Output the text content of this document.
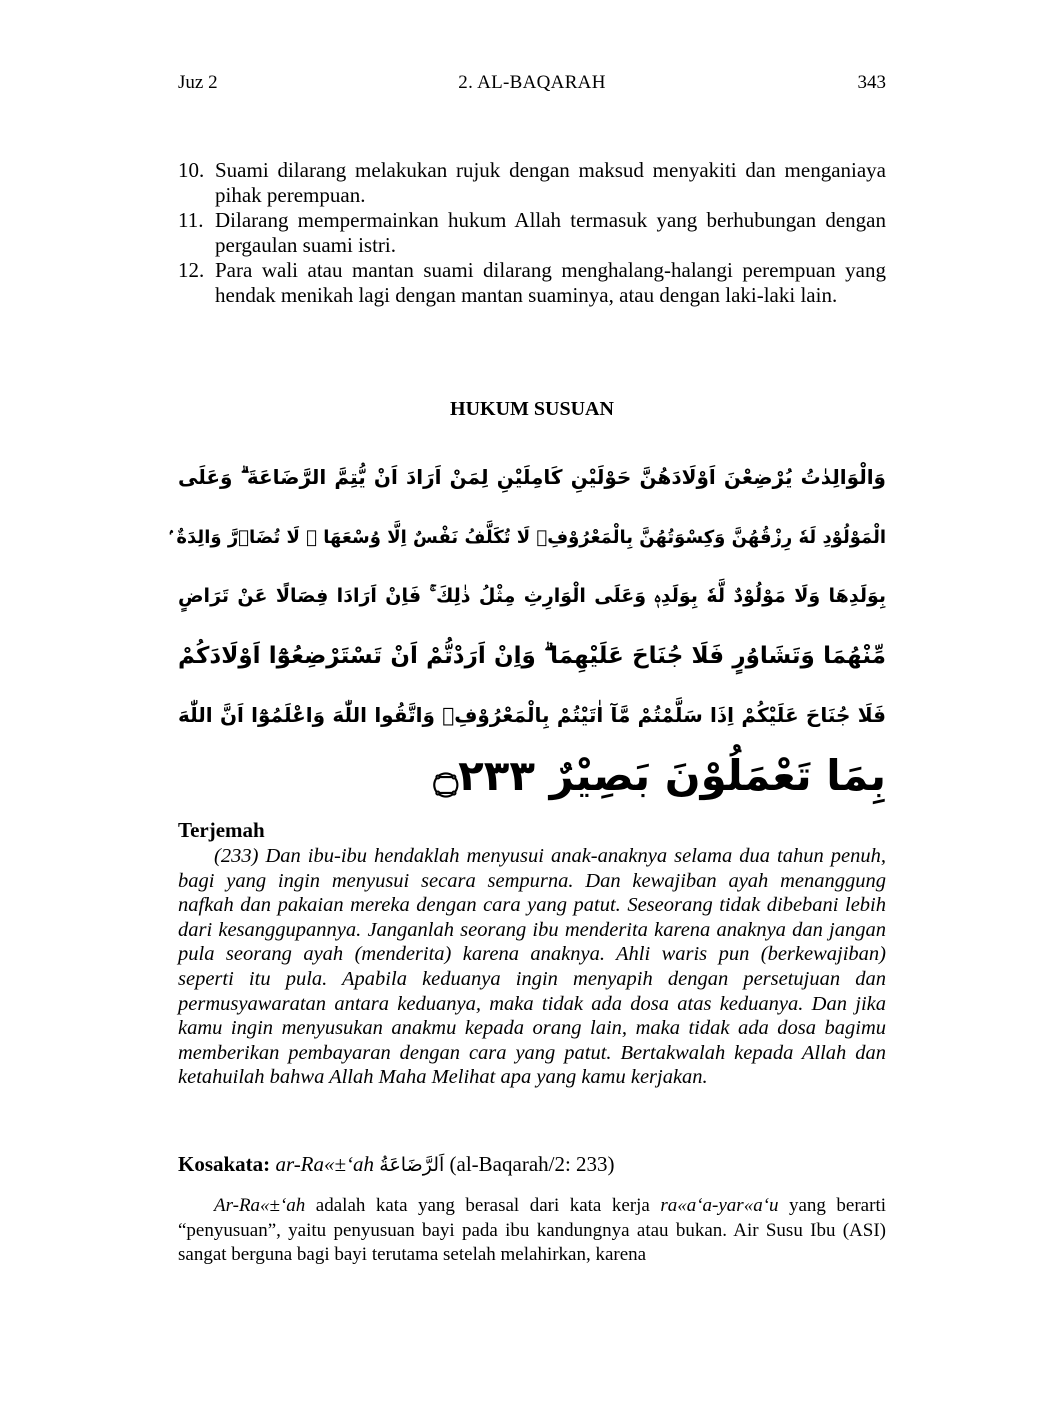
Juz 2	2. AL-BAQARAH	343
10. Suami dilarang melakukan rujuk dengan maksud menyakiti dan menganiaya pihak perempuan.
11. Dilarang mempermainkan hukum Allah termasuk yang berhubungan dengan pergaulan suami istri.
12. Para wali atau mantan suami dilarang menghalang-halangi perempuan yang hendak menikah lagi dengan mantan suaminya, atau dengan laki-laki lain.
HUKUM SUSUAN
وَالْوَالِدٰتُ يُرْضِعْنَ اَوْلَادَهُنَّ حَوْلَيْنِ كَامِلَيْنِ لِمَنْ اَرَادَ اَنْ يُّتِمَّ الرَّضَاعَةَ ۗ وَعَلَى
الْمَوْلُوْدِ لَهٗ رِزْقُهُنَّ وَكِسْوَتُهُنَّ بِالْمَعْرُوْفِۗ لَا تُكَلَّفُ نَفْسٌ اِلَّا وُسْعَهَا ۚ لَا تُضَاۤرَّ وَالِدَةٌ ۢ
بِوَلَدِهَا وَلَا مَوْلُوْدٌ لَّهٗ بِوَلَدِهٖ وَعَلَى الْوَارِثِ مِثْلُ ذٰلِكَ ۚ فَاِنْ اَرَادَا فِصَالًا عَنْ تَرَاضٍ
مِّنْهُمَا وَتَشَاوُرٍ فَلَا جُنَاحَ عَلَيْهِمَا ۗ وَاِنْ اَرَدْتُّمْ اَنْ تَسْتَرْضِعُوْٓا اَوْلَادَكُمْ
فَلَا جُنَاحَ عَلَيْكُمْ اِذَا سَلَّمْتُمْ مَّآ اٰتَيْتُمْ بِالْمَعْرُوْفِۗ وَاتَّقُوا اللّٰهَ وَاعْلَمُوْٓا اَنَّ اللّٰهَ
بِمَا تَعْمَلُوْنَ بَصِيْرٌ ۝٢٣٣
Terjemah
(233) Dan ibu-ibu hendaklah menyusui anak-anaknya selama dua tahun penuh, bagi yang ingin menyusui secara sempurna. Dan kewajiban ayah menanggung nafkah dan pakaian mereka dengan cara yang patut. Seseorang tidak dibebani lebih dari kesanggupannya. Janganlah seorang ibu menderita karena anaknya dan jangan pula seorang ayah (menderita) karena anaknya. Ahli waris pun (berkewajiban) seperti itu pula. Apabila keduanya ingin menyapih dengan persetujuan dan permusyawaratan antara keduanya, maka tidak ada dosa atas keduanya. Dan jika kamu ingin menyusukan anakmu kepada orang lain, maka tidak ada dosa bagimu memberikan pembayaran dengan cara yang patut. Bertakwalah kepada Allah dan ketahuilah bahwa Allah Maha Melihat apa yang kamu kerjakan.
Kosakata: ar-Ra«±‘ah اَلرَّضَاعَةُ (al-Baqarah/2: 233)
Ar-Ra«±‘ah adalah kata yang berasal dari kata kerja ra«a‘a-yar«a‘u yang berarti “penyusuan”, yaitu penyusuan bayi pada ibu kandungnya atau bukan. Air Susu Ibu (ASI) sangat berguna bagi bayi terutama setelah melahirkan, karena
